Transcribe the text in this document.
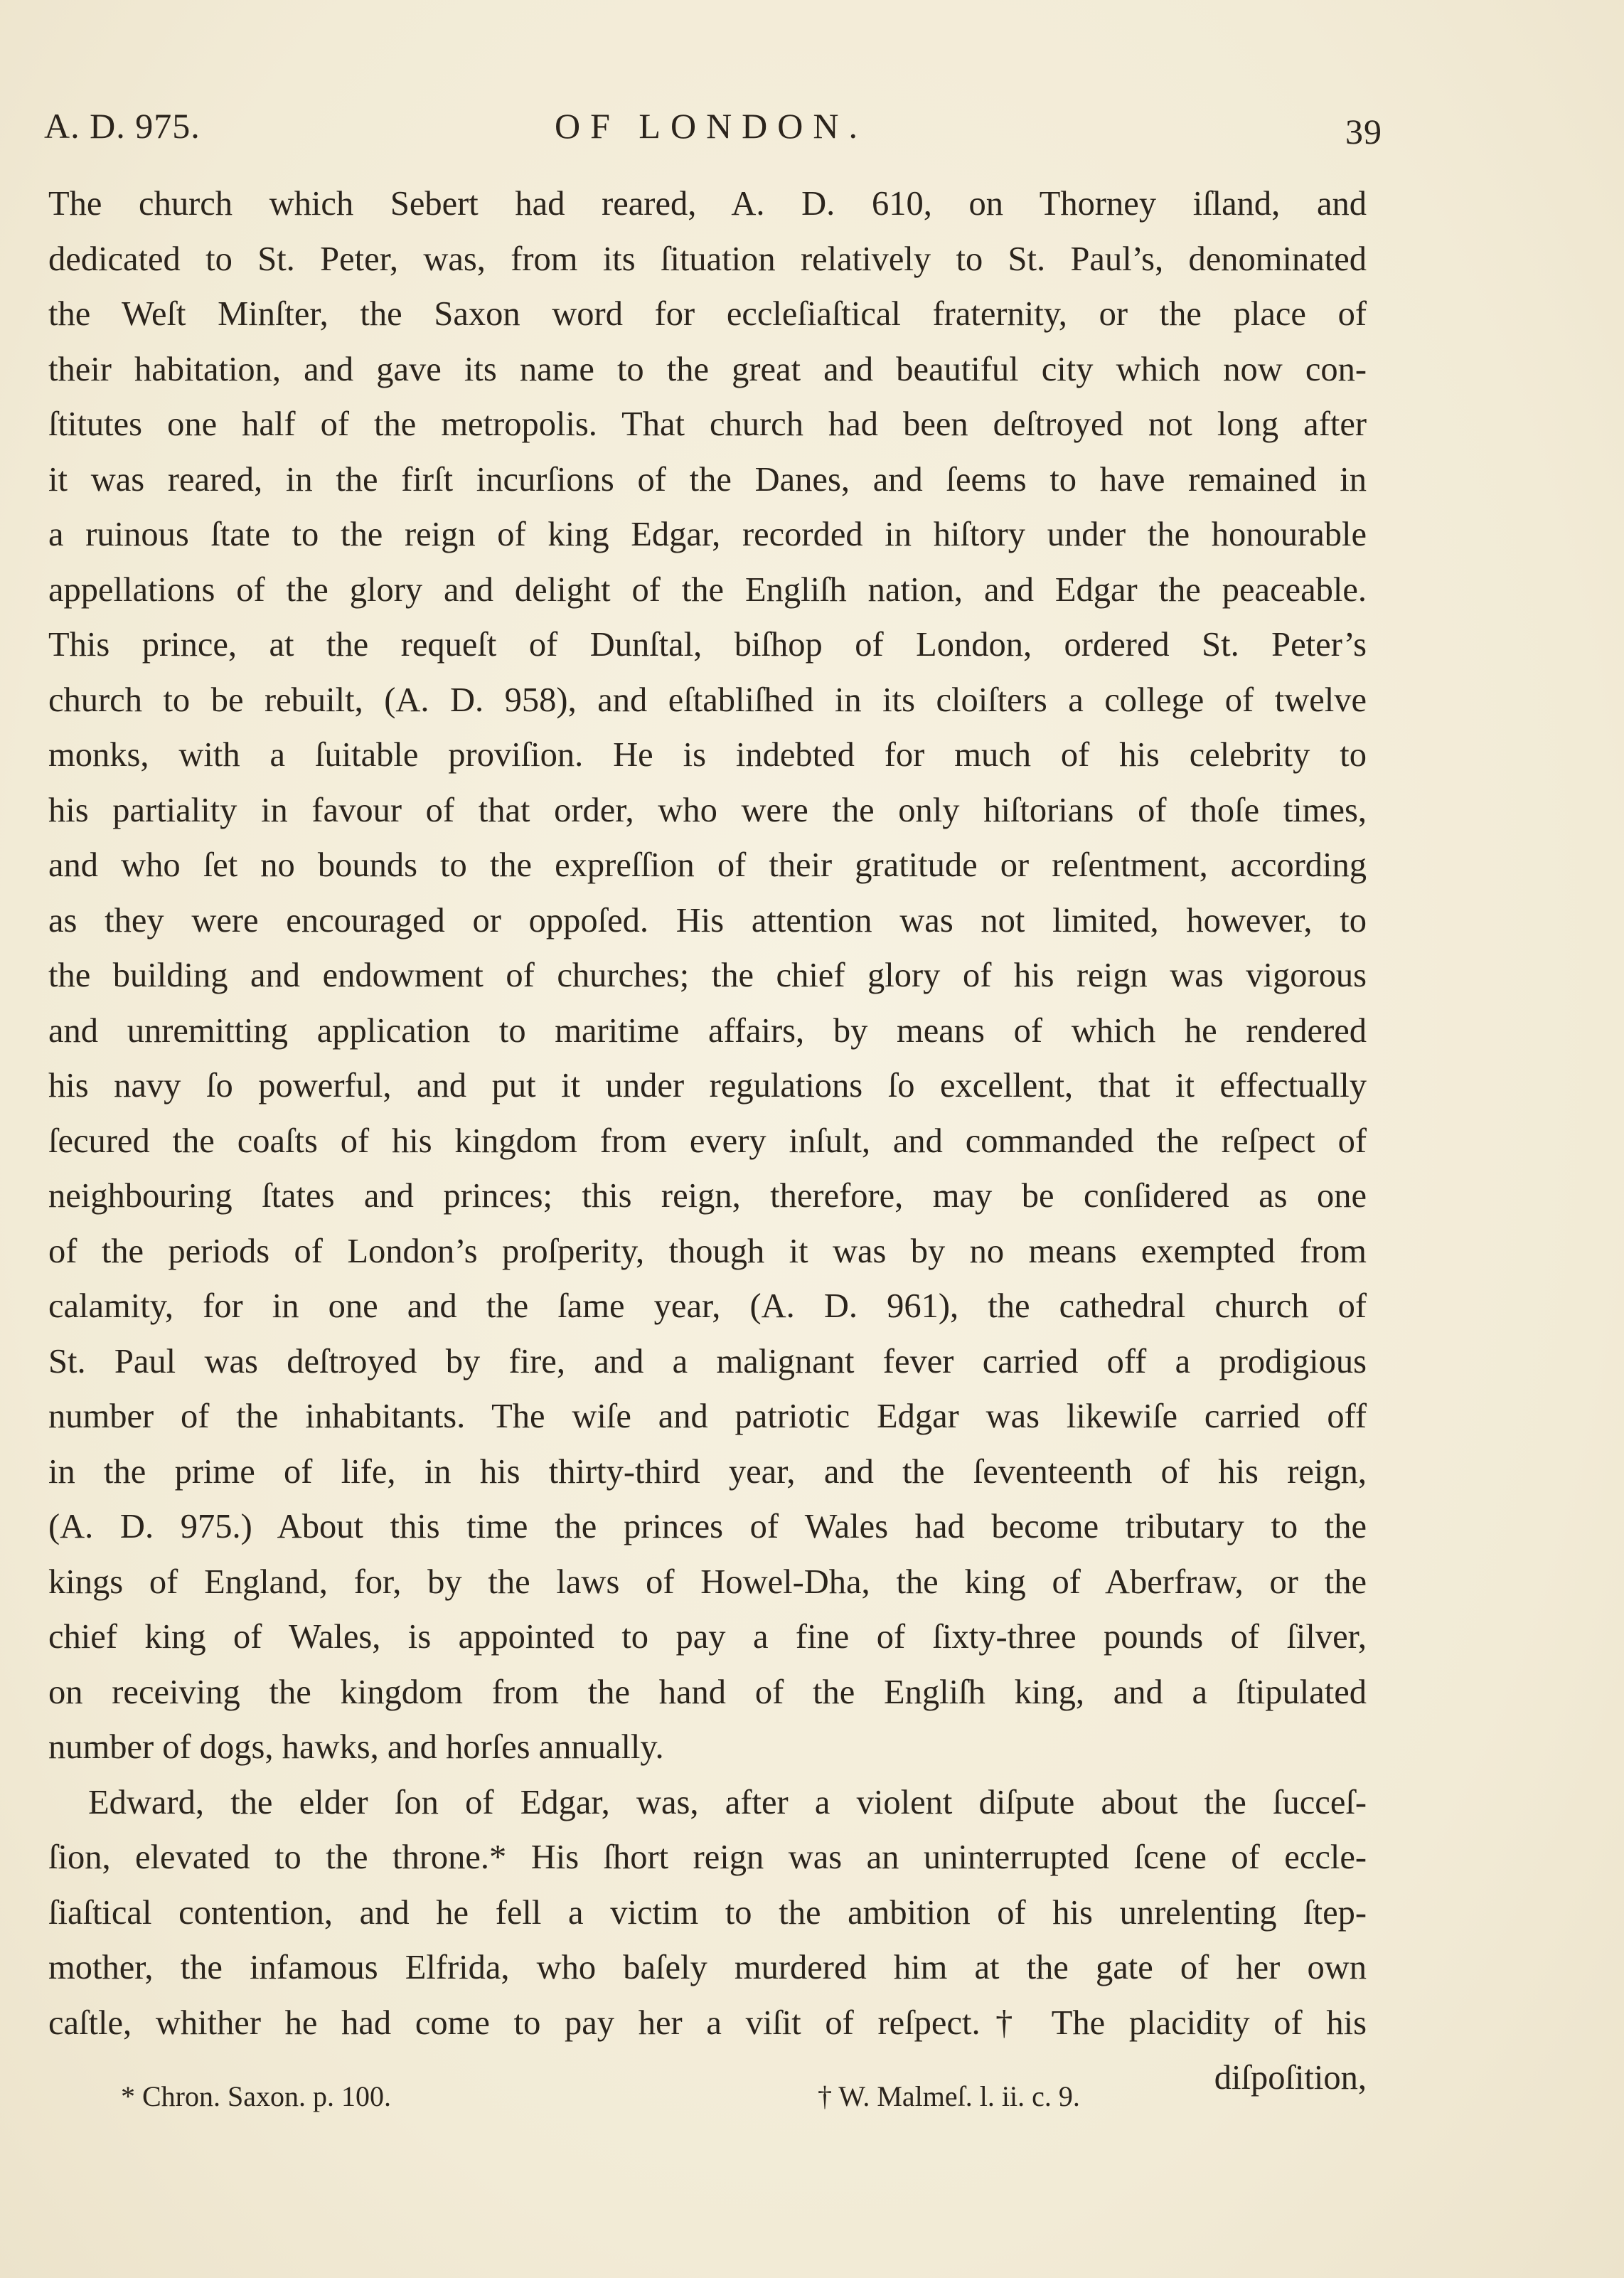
A. D. 975.	OF LONDON.	39
The church which Sebert had reared, A. D. 610, on Thorney iſland, and
dedicated to St. Peter, was, from its ſituation relatively to St. Paul’s, denominated
the Weſt Minſter, the Saxon word for eccleſiaſtical fraternity, or the place of
their habitation, and gave its name to the great and beautiful city which now con-
ſtitutes one half of the metropolis. That church had been deſtroyed not long after
it was reared, in the firſt incurſions of the Danes, and ſeems to have remained in
a ruinous ſtate to the reign of king Edgar, recorded in hiſtory under the honourable
appellations of the glory and delight of the Engliſh nation, and Edgar the peaceable.
This prince, at the requeſt of Dunſtal, biſhop of London, ordered St. Peter’s
church to be rebuilt, (A. D. 958), and eſtabliſhed in its cloiſters a college of twelve
monks, with a ſuitable proviſion. He is indebted for much of his celebrity to
his partiality in favour of that order, who were the only hiſtorians of thoſe times,
and who ſet no bounds to the expreſſion of their gratitude or reſentment, according
as they were encouraged or oppoſed. His attention was not limited, however, to
the building and endowment of churches; the chief glory of his reign was vigorous
and unremitting application to maritime affairs, by means of which he rendered
his navy ſo powerful, and put it under regulations ſo excellent, that it effectually
ſecured the coaſts of his kingdom from every inſult, and commanded the reſpect of
neighbouring ſtates and princes; this reign, therefore, may be conſidered as one
of the periods of London’s proſperity, though it was by no means exempted from
calamity, for in one and the ſame year, (A. D. 961), the cathedral church of
St. Paul was deſtroyed by fire, and a malignant fever carried off a prodigious
number of the inhabitants. The wiſe and patriotic Edgar was likewiſe carried off
in the prime of life, in his thirty-third year, and the ſeventeenth of his reign,
(A. D. 975.) About this time the princes of Wales had become tributary to the
kings of England, for, by the laws of Howel-Dha, the king of Aberfraw, or the
chief king of Wales, is appointed to pay a fine of ſixty-three pounds of ſilver,
on receiving the kingdom from the hand of the Engliſh king, and a ſtipulated
number of dogs, hawks, and horſes annually.
Edward, the elder ſon of Edgar, was, after a violent diſpute about the ſucceſ-
ſion, elevated to the throne.* His ſhort reign was an uninterrupted ſcene of eccle-
ſiaſtical contention, and he fell a victim to the ambition of his unrelenting ſtep-
mother, the infamous Elfrida, who baſely murdered him at the gate of her own
caſtle, whither he had come to pay her a viſit of reſpect.† The placidity of his
diſpoſition,
* Chron. Saxon. p. 100.	† W. Malmeſ. l. ii. c. 9.
